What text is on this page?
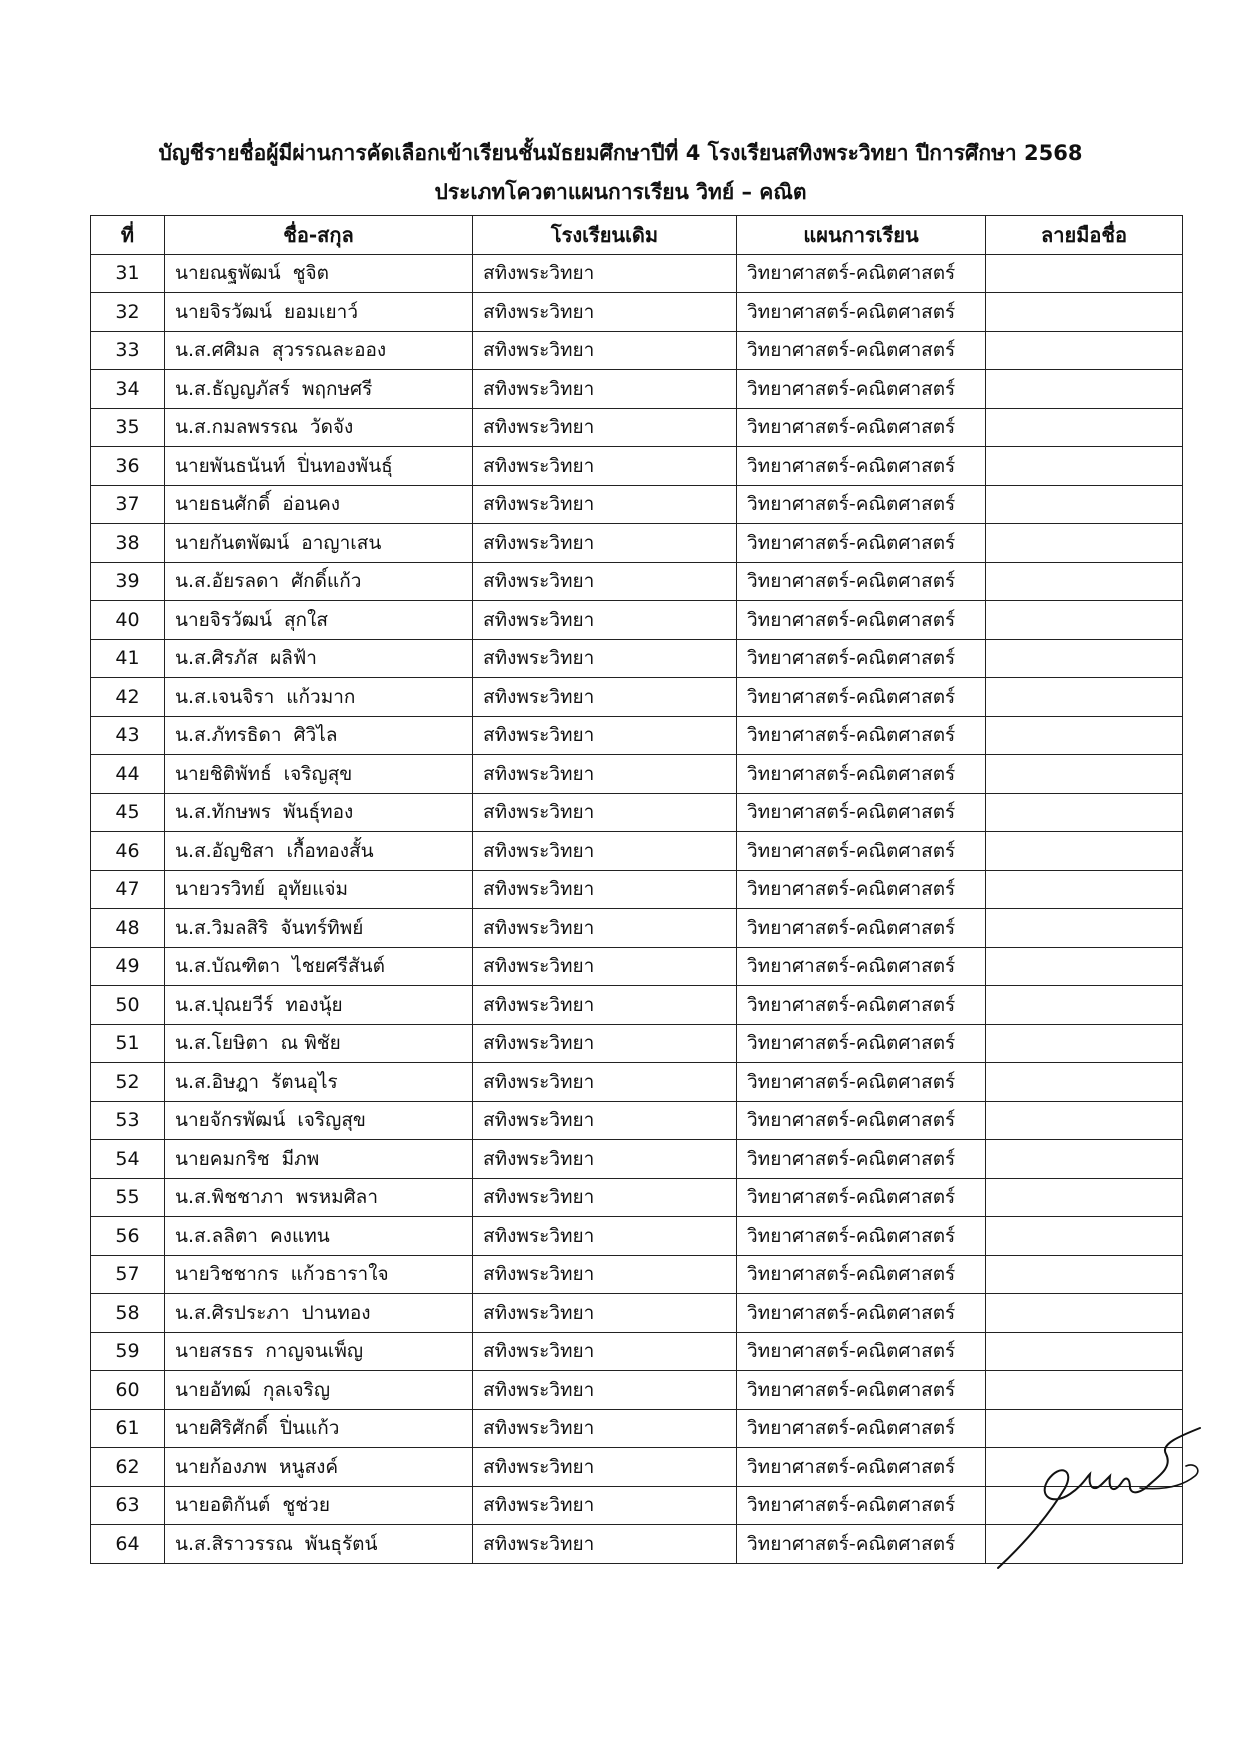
บัญชีรายชื่อผู้มีผ่านการคัดเลือกเข้าเรียนชั้นมัธยมศึกษาปีที่ 4 โรงเรียนสทิงพระวิทยา ปีการศึกษา 2568
ประเภทโควตาแผนการเรียน วิทย์ – คณิต
ที่	ชื่อ-สกุล	โรงเรียนเดิม	แผนการเรียน	ลายมือชื่อ
31	นายณฐพัฒน์ ชูจิต	สทิงพระวิทยา	วิทยาศาสตร์-คณิตศาสตร์	
32	นายจิรวัฒน์ ยอมเยาว์	สทิงพระวิทยา	วิทยาศาสตร์-คณิตศาสตร์	
33	น.ส.ศศิมล สุวรรณละออง	สทิงพระวิทยา	วิทยาศาสตร์-คณิตศาสตร์	
34	น.ส.ธัญญภัสร์ พฤกษศรี	สทิงพระวิทยา	วิทยาศาสตร์-คณิตศาสตร์	
35	น.ส.กมลพรรณ วัดจัง	สทิงพระวิทยา	วิทยาศาสตร์-คณิตศาสตร์	
36	นายพันธนันท์ ปิ่นทองพันธุ์	สทิงพระวิทยา	วิทยาศาสตร์-คณิตศาสตร์	
37	นายธนศักดิ์ อ่อนคง	สทิงพระวิทยา	วิทยาศาสตร์-คณิตศาสตร์	
38	นายกันตพัฒน์ อาญาเสน	สทิงพระวิทยา	วิทยาศาสตร์-คณิตศาสตร์	
39	น.ส.อัยรลดา ศักดิ์แก้ว	สทิงพระวิทยา	วิทยาศาสตร์-คณิตศาสตร์	
40	นายจิรวัฒน์ สุกใส	สทิงพระวิทยา	วิทยาศาสตร์-คณิตศาสตร์	
41	น.ส.ศิรภัส ผลิฟ้า	สทิงพระวิทยา	วิทยาศาสตร์-คณิตศาสตร์	
42	น.ส.เจนจิรา แก้วมาก	สทิงพระวิทยา	วิทยาศาสตร์-คณิตศาสตร์	
43	น.ส.ภัทรธิดา ศิวิไล	สทิงพระวิทยา	วิทยาศาสตร์-คณิตศาสตร์	
44	นายชิติพัทธ์ เจริญสุข	สทิงพระวิทยา	วิทยาศาสตร์-คณิตศาสตร์	
45	น.ส.ทักษพร พันธุ์ทอง	สทิงพระวิทยา	วิทยาศาสตร์-คณิตศาสตร์	
46	น.ส.อัญชิสา เกื้อทองสั้น	สทิงพระวิทยา	วิทยาศาสตร์-คณิตศาสตร์	
47	นายวรวิทย์ อุทัยแจ่ม	สทิงพระวิทยา	วิทยาศาสตร์-คณิตศาสตร์	
48	น.ส.วิมลสิริ จันทร์ทิพย์	สทิงพระวิทยา	วิทยาศาสตร์-คณิตศาสตร์	
49	น.ส.บัณฑิตา ไชยศรีสันต์	สทิงพระวิทยา	วิทยาศาสตร์-คณิตศาสตร์	
50	น.ส.ปุณยวีร์ ทองนุ้ย	สทิงพระวิทยา	วิทยาศาสตร์-คณิตศาสตร์	
51	น.ส.โยษิตา ณ พิชัย	สทิงพระวิทยา	วิทยาศาสตร์-คณิตศาสตร์	
52	น.ส.อิษฎา รัตนอุไร	สทิงพระวิทยา	วิทยาศาสตร์-คณิตศาสตร์	
53	นายจักรพัฒน์ เจริญสุข	สทิงพระวิทยา	วิทยาศาสตร์-คณิตศาสตร์	
54	นายคมกริช มีภพ	สทิงพระวิทยา	วิทยาศาสตร์-คณิตศาสตร์	
55	น.ส.พิชชาภา พรหมศิลา	สทิงพระวิทยา	วิทยาศาสตร์-คณิตศาสตร์	
56	น.ส.ลลิตา คงแทน	สทิงพระวิทยา	วิทยาศาสตร์-คณิตศาสตร์	
57	นายวิชชากร แก้วธาราใจ	สทิงพระวิทยา	วิทยาศาสตร์-คณิตศาสตร์	
58	น.ส.ศิรประภา ปานทอง	สทิงพระวิทยา	วิทยาศาสตร์-คณิตศาสตร์	
59	นายสรธร กาญจนเพ็ญ	สทิงพระวิทยา	วิทยาศาสตร์-คณิตศาสตร์	
60	นายอัทฒ์ กุลเจริญ	สทิงพระวิทยา	วิทยาศาสตร์-คณิตศาสตร์	
61	นายศิริศักดิ์ ปิ่นแก้ว	สทิงพระวิทยา	วิทยาศาสตร์-คณิตศาสตร์	
62	นายก้องภพ หนูสงค์	สทิงพระวิทยา	วิทยาศาสตร์-คณิตศาสตร์	
63	นายอติกันต์ ชูช่วย	สทิงพระวิทยา	วิทยาศาสตร์-คณิตศาสตร์	
64	น.ส.สิราวรรณ พันธุรัตน์	สทิงพระวิทยา	วิทยาศาสตร์-คณิตศาสตร์	
